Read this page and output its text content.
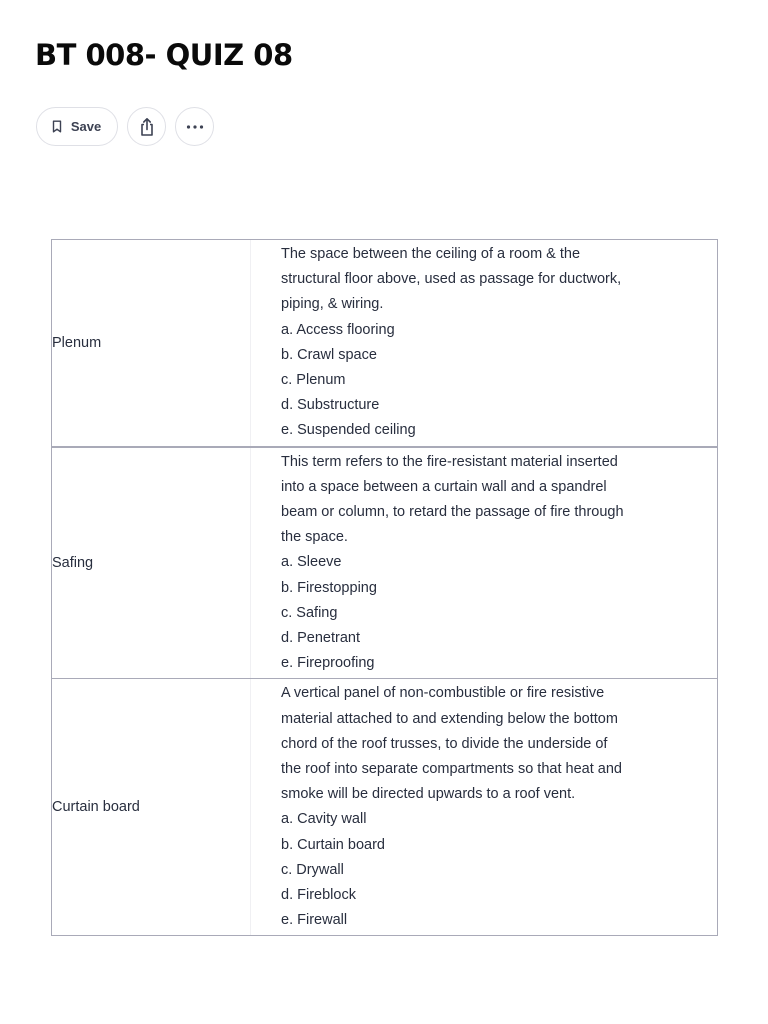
BT 008- QUIZ 08
Save
Plenum
The space between the ceiling of a room & the
structural floor above, used as passage for ductwork,
piping, & wiring.
a. Access flooring
b. Crawl space
c. Plenum
d. Substructure
e. Suspended ceiling
Safing
This term refers to the fire-resistant material inserted
into a space between a curtain wall and a spandrel
beam or column, to retard the passage of fire through
the space.
a. Sleeve
b. Firestopping
c. Safing
d. Penetrant
e. Fireproofing
Curtain board
A vertical panel of non-combustible or fire resistive
material attached to and extending below the bottom
chord of the roof trusses, to divide the underside of
the roof into separate compartments so that heat and
smoke will be directed upwards to a roof vent.
a. Cavity wall
b. Curtain board
c. Drywall
d. Fireblock
e. Firewall
